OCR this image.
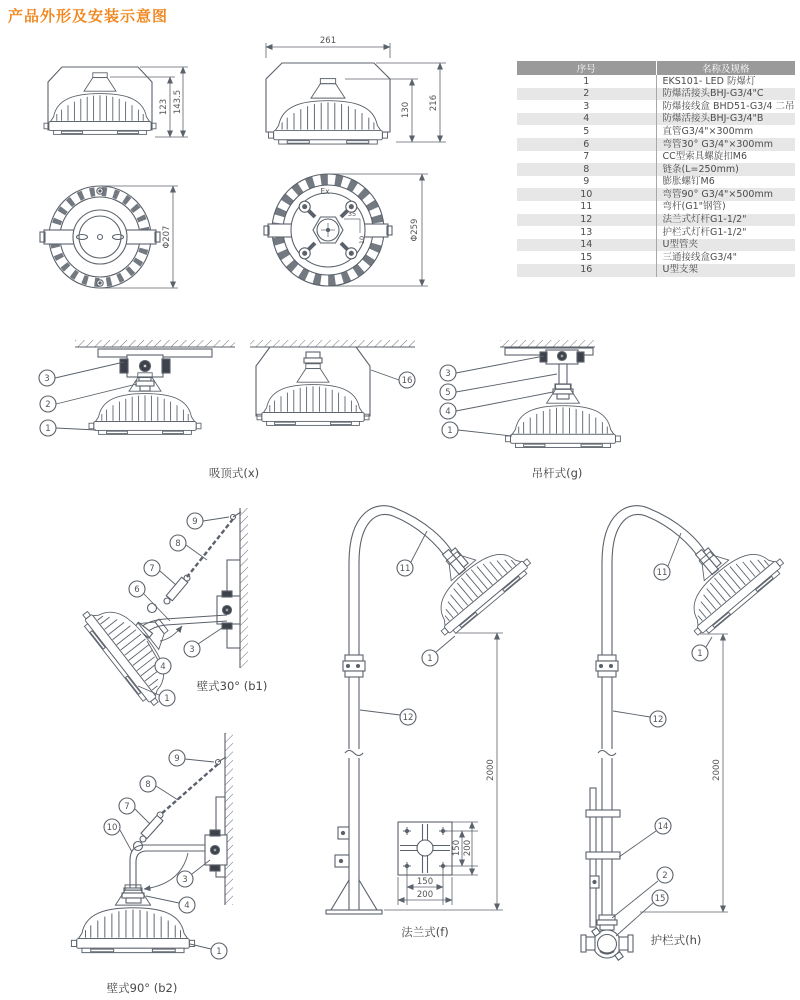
产品外形及安装示意图
123 143.5
261
130 216
Φ207
Ex
35
10	Φ259
3
2
1
16
吸顶式(x)
3
5
4
1
吊杆式(g)
9
8
7
6
3
4
1
壁式30° (b1)
9
8
7
10
3
4
1
壁式90° (b2)
150 200
150
200
2000
11
1
12
法兰式(f)
2000
11
1
12
14
2
15
护栏式(h)
序号	名称及规格
1	EKS101- LED 防爆灯
2	防爆活接头BHJ-G3/4"C
3	防爆接线盒 BHD51-G3/4 二吊
4	防爆活接头BHJ-G3/4"B
5	直管G3/4"×300mm
6	弯管30° G3/4"×300mm
7	CC型索具螺旋扣M6
8	链条(L=250mm)
9	膨胀螺钉M6
10	弯管90° G3/4"×500mm
11	弯杆(G1"钢管)
12	法兰式灯杆G1-1/2"
13	护栏式灯杆G1-1/2"
14	U型管夹
15	三通接线盒G3/4"
16	U型支架
